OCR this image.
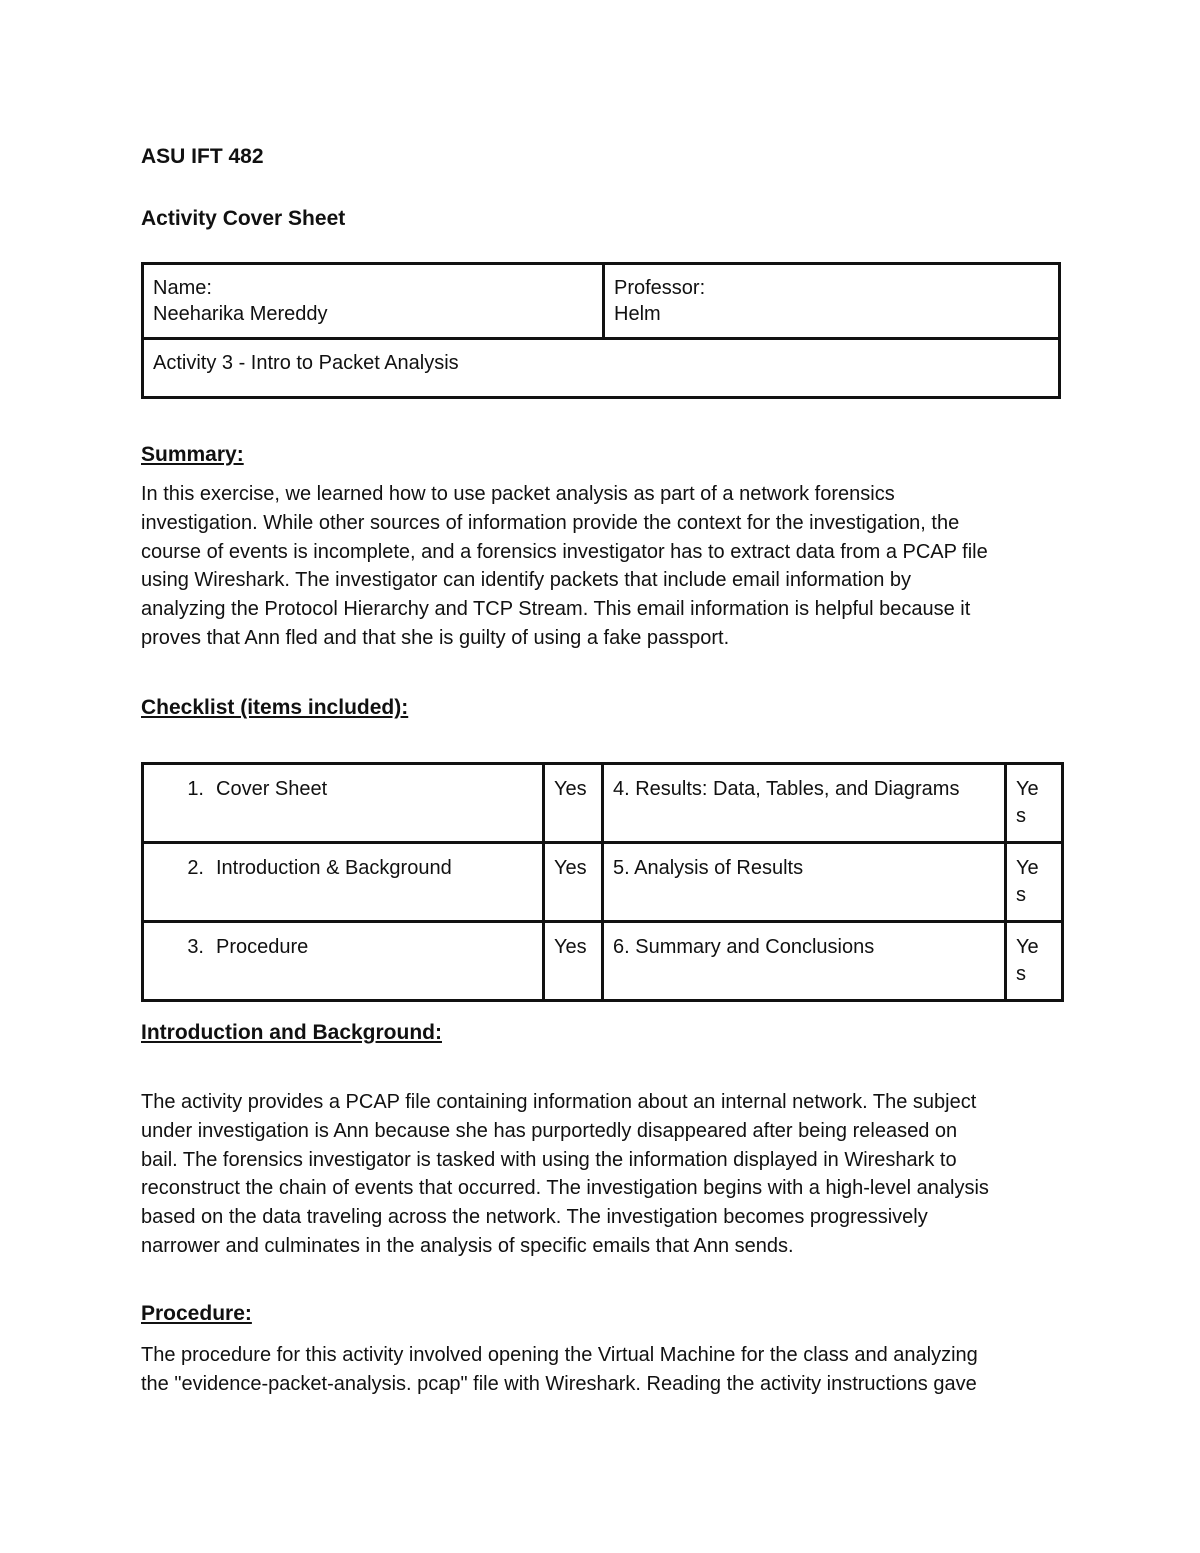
ASU IFT 482
Activity Cover Sheet
Name:
Neeharika Mereddy

Professor:
Helm

Activity 3 - Intro to Packet Analysis
Summary:

In this exercise, we learned how to use packet analysis as part of a network forensics

investigation. While other sources of information provide the context for the investigation, the

course of events is incomplete, and a forensics investigator has to extract data from a PCAP file

using Wireshark. The investigator can identify packets that include email information by

analyzing the Protocol Hierarchy and TCP Stream. This email information is helpful because it

proves that Ann fled and that she is guilty of using a fake passport.

Checklist (items included):
1. Cover Sheet	Yes	4. Results: Data, Tables, and Diagrams	Ye
s

2. Introduction & Background	Yes	5. Analysis of Results	Ye
s

3. Procedure	Yes	6. Summary and Conclusions	Ye
s
Introduction and Background:

The activity provides a PCAP file containing information about an internal network. The subject

under investigation is Ann because she has purportedly disappeared after being released on

bail. The forensics investigator is tasked with using the information displayed in Wireshark to

reconstruct the chain of events that occurred. The investigation begins with a high-level analysis

based on the data traveling across the network. The investigation becomes progressively

narrower and culminates in the analysis of specific emails that Ann sends.

Procedure:

The procedure for this activity involved opening the Virtual Machine for the class and analyzing

the "evidence-packet-analysis. pcap" file with Wireshark. Reading the activity instructions gave
